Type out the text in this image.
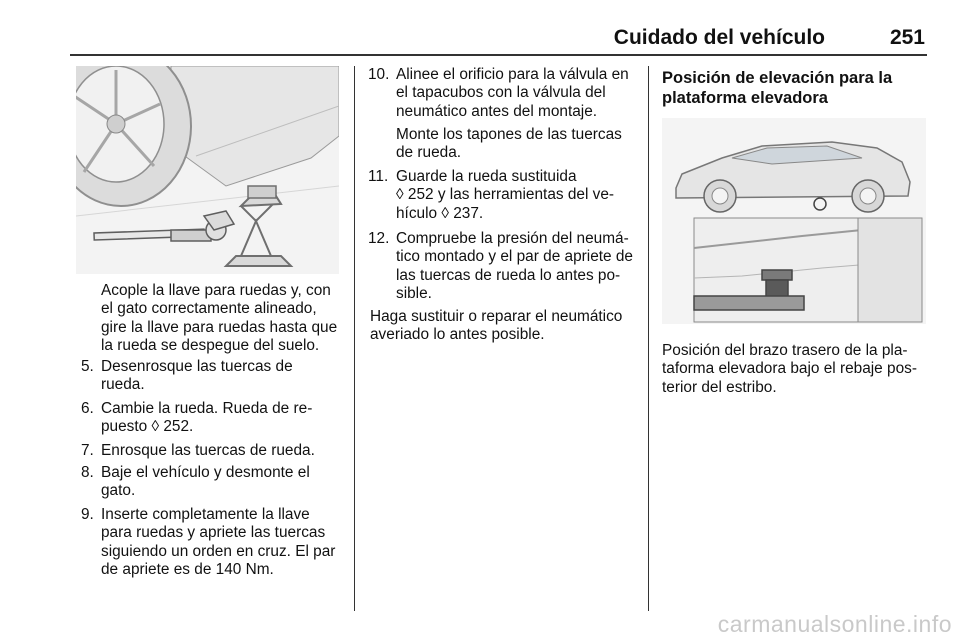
Cuidado del vehículo	251

Acople la llave para ruedas y, con

el gato correctamente alineado,

gire la llave para ruedas hasta que

la rueda se despegue del suelo.

5. Desenrosque las tuercas de

rueda.

6. Cambie la rueda. Rueda de re-

puesto ◊ 252.

7. Enrosque las tuercas de rueda.

8. Baje el vehículo y desmonte el

gato.

9. Inserte completamente la llave

para ruedas y apriete las tuercas

siguiendo un orden en cruz. El par

de apriete es de 140 Nm.

10. Alinee el orificio para la válvula en

el tapacubos con la válvula del

neumático antes del montaje.

Monte los tapones de las tuercas

de rueda.

11. Guarde la rueda sustituida

◊ 252 y las herramientas del ve-

hículo ◊ 237.

12. Compruebe la presión del neumá-

tico montado y el par de apriete de

las tuercas de rueda lo antes po-

sible.

Haga sustituir o reparar el neumático

averiado lo antes posible.

Posición de elevación para la

plataforma elevadora

Posición del brazo trasero de la pla-

taforma elevadora bajo el rebaje pos-

terior del estribo.

carmanualsonline.info
